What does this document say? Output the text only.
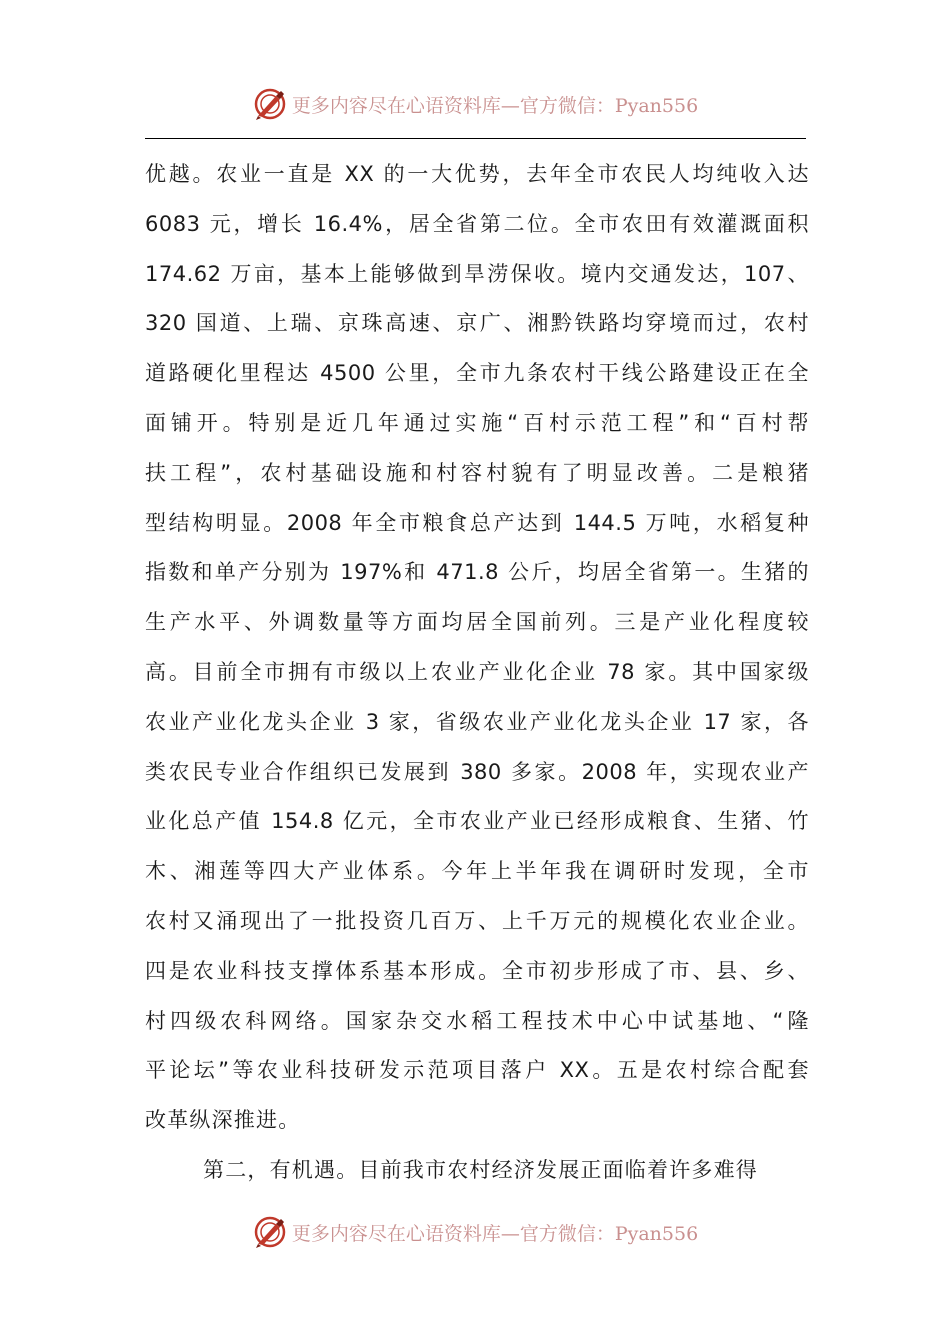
更多内容尽在心语资料库—官方微信：Pyan556
优越。农业一直是 XX 的一大优势，去年全市农民人均纯收入达
6083 元，增长 16.4%，居全省第二位。全市农田有效灌溉面积
174.62 万亩，基本上能够做到旱涝保收。境内交通发达，107、
320 国道、上瑞、京珠高速、京广、湘黔铁路均穿境而过，农村
道路硬化里程达 4500 公里，全市九条农村干线公路建设正在全
面铺开。特别是近几年通过实施“百村示范工程”和“百村帮
扶工程”，农村基础设施和村容村貌有了明显改善。二是粮猪
型结构明显。2008 年全市粮食总产达到 144.5 万吨，水稻复种
指数和单产分别为 197%和 471.8 公斤，均居全省第一。生猪的
生产水平、外调数量等方面均居全国前列。三是产业化程度较
高。目前全市拥有市级以上农业产业化企业 78 家。其中国家级
农业产业化龙头企业 3 家，省级农业产业化龙头企业 17 家，各
类农民专业合作组织已发展到 380 多家。2008 年，实现农业产
业化总产值 154.8 亿元，全市农业产业已经形成粮食、生猪、竹
木、湘莲等四大产业体系。今年上半年我在调研时发现，全市
农村又涌现出了一批投资几百万、上千万元的规模化农业企业。
四是农业科技支撑体系基本形成。全市初步形成了市、县、乡、
村四级农科网络。国家杂交水稻工程技术中心中试基地、“隆
平论坛”等农业科技研发示范项目落户 XX。五是农村综合配套
改革纵深推进。
第二，有机遇。目前我市农村经济发展正面临着许多难得
更多内容尽在心语资料库—官方微信：Pyan556
